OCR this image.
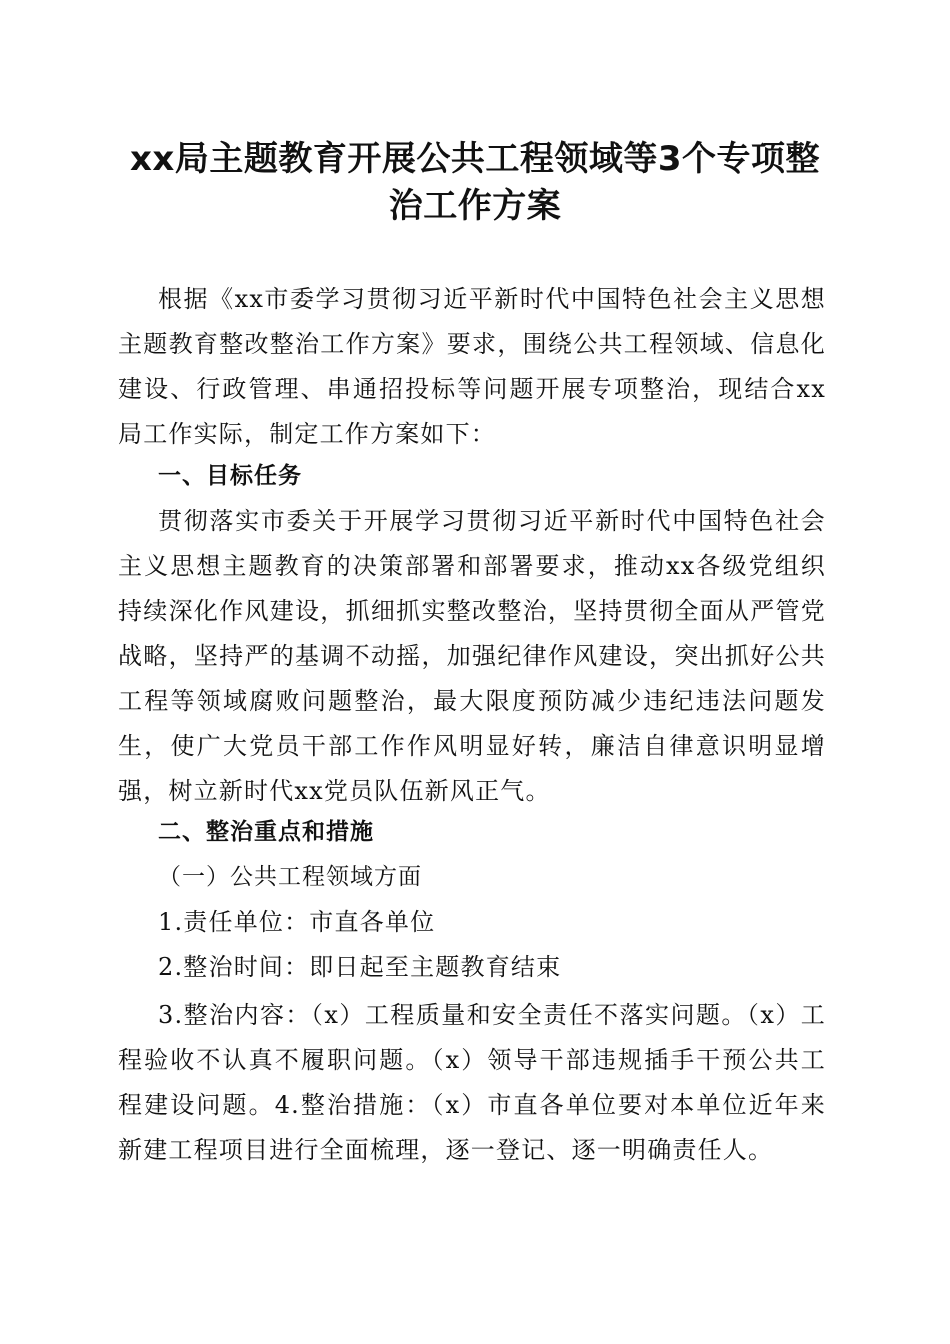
xx局主题教育开展公共工程领域等3个专项整
治工作方案

根据《xx市委学习贯彻习近平新时代中国特色社会主义思想主题教育整改整治工作方案》要求，围绕公共工程领域、信息化建设、行政管理、串通招投标等问题开展专项整治，现结合xx局工作实际，制定工作方案如下：

一、目标任务

贯彻落实市委关于开展学习贯彻习近平新时代中国特色社会主义思想主题教育的决策部署和部署要求，推动xx各级党组织持续深化作风建设，抓细抓实整改整治，坚持贯彻全面从严管党战略，坚持严的基调不动摇，加强纪律作风建设，突出抓好公共工程等领域腐败问题整治，最大限度预防减少违纪违法问题发生，使广大党员干部工作作风明显好转，廉洁自律意识明显增强，树立新时代xx党员队伍新风正气。

二、整治重点和措施

（一）公共工程领域方面

1.责任单位：市直各单位

2.整治时间：即日起至主题教育结束

3.整治内容：（x）工程质量和安全责任不落实问题。（x）工程验收不认真不履职问题。（x）领导干部违规插手干预公共工程建设问题。4.整治措施：（x）市直各单位要对本单位近年来新建工程项目进行全面梳理，逐一登记、逐一明确责任人。
